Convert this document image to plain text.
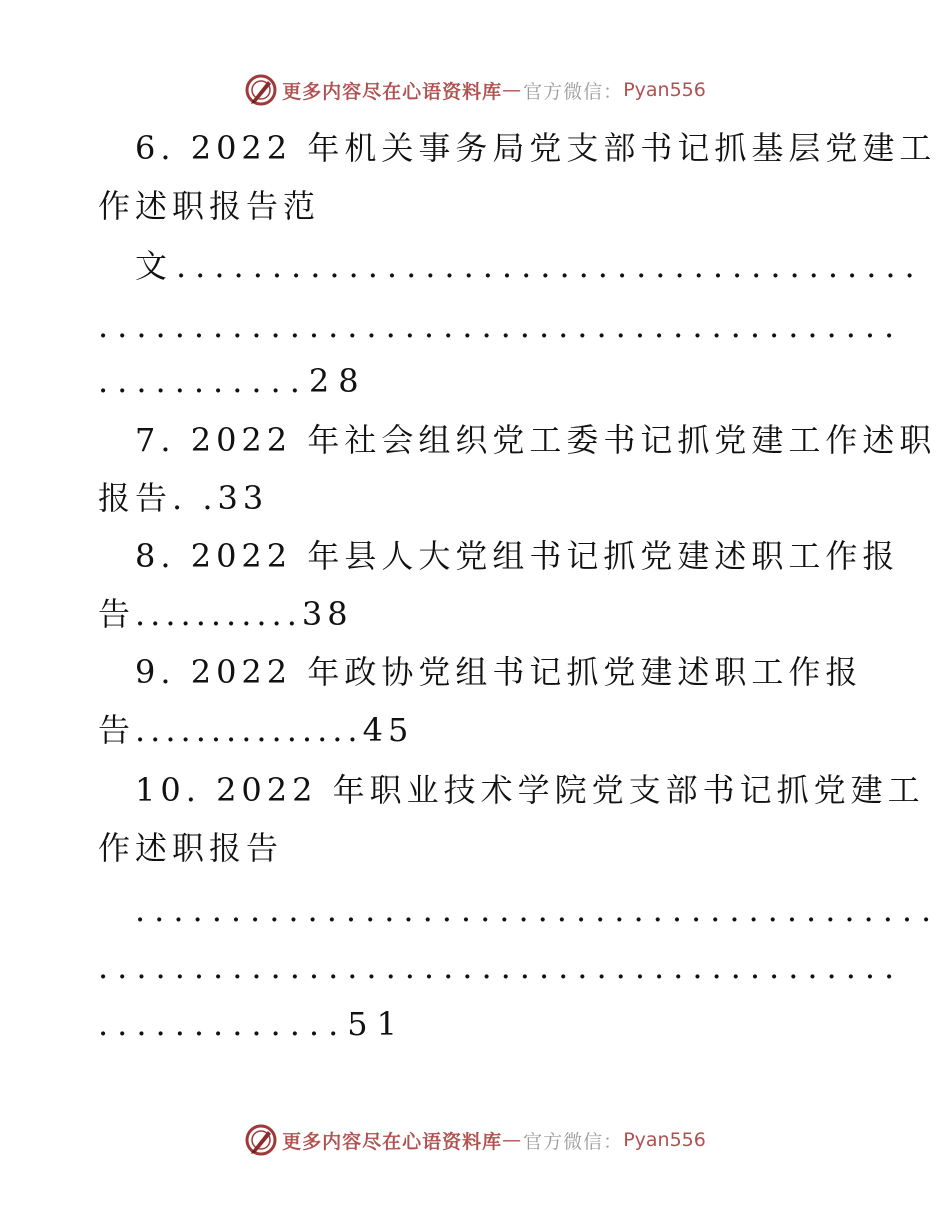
更多内容尽在心语资料库 — 官方微信： Pyan556
6. 2022 年机关事务局党支部书记抓基层党建工
作述职报告范
文.......................................
..........................................
...........28
7. 2022 年社会组织党工委书记抓党建工作述职
报告. .33
8. 2022 年县人大党组书记抓党建述职工作报
告...........38
9. 2022 年政协党组书记抓党建述职工作报
告...............45
10. 2022 年职业技术学院党支部书记抓党建工
作述职报告
..........................................
..........................................
.............51
更多内容尽在心语资料库 — 官方微信： Pyan556
